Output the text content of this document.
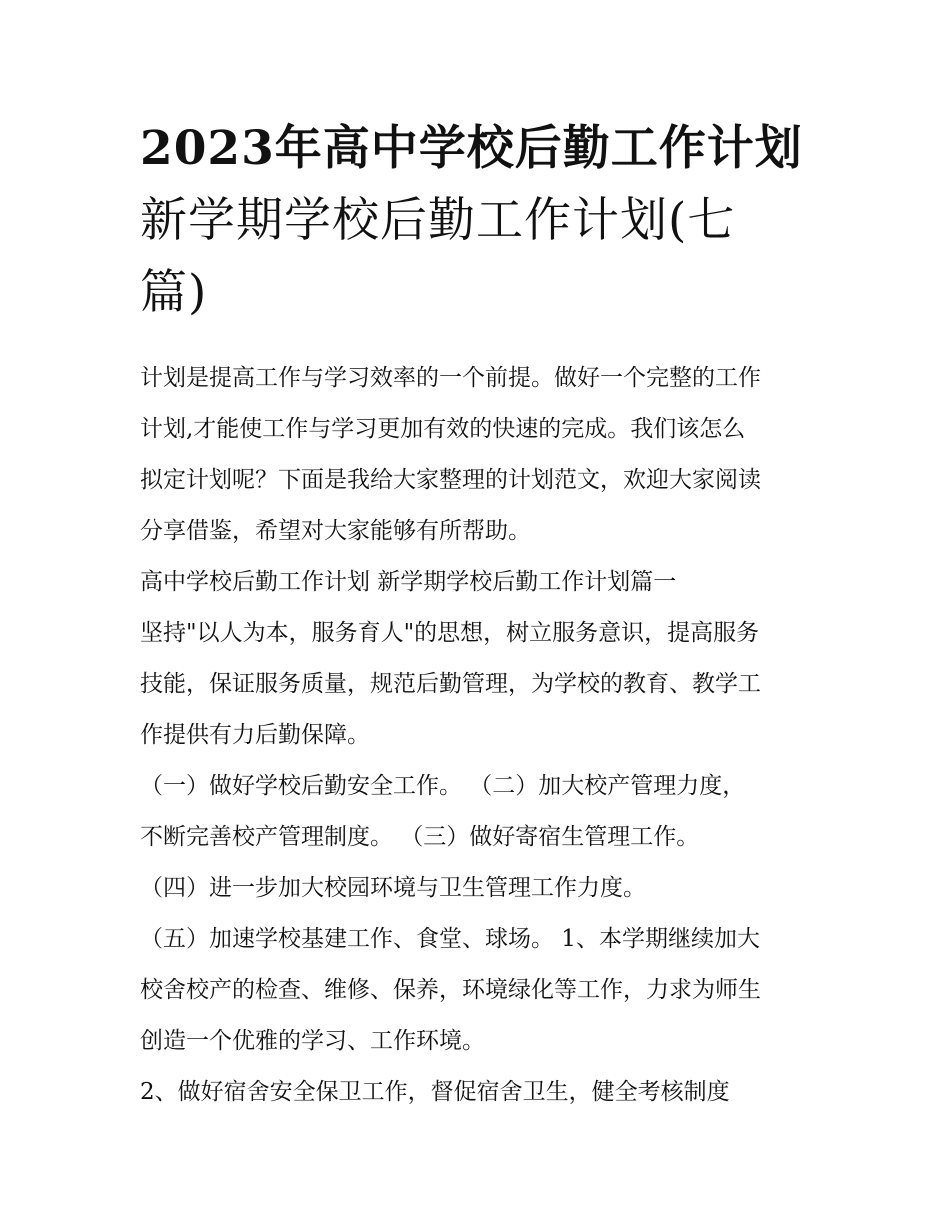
2023年高中学校后勤工作计划
新学期学校后勤工作计划(七
篇)
计划是提高工作与学习效率的一个前提。做好一个完整的工作
计划,才能使工作与学习更加有效的快速的完成。我们该怎么
拟定计划呢？下面是我给大家整理的计划范文，欢迎大家阅读
分享借鉴，希望对大家能够有所帮助。
高中学校后勤工作计划 新学期学校后勤工作计划篇一
坚持"以人为本，服务育人"的思想，树立服务意识，提高服务
技能，保证服务质量，规范后勤管理，为学校的教育、教学工
作提供有力后勤保障。
（一）做好学校后勤安全工作。 （二）加大校产管理力度，
不断完善校产管理制度。 （三）做好寄宿生管理工作。
（四）进一步加大校园环境与卫生管理工作力度。
（五）加速学校基建工作、食堂、球场。 1、本学期继续加大
校舍校产的检查、维修、保养，环境绿化等工作，力求为师生
创造一个优雅的学习、工作环境。
2、做好宿舍安全保卫工作，督促宿舍卫生，健全考核制度
